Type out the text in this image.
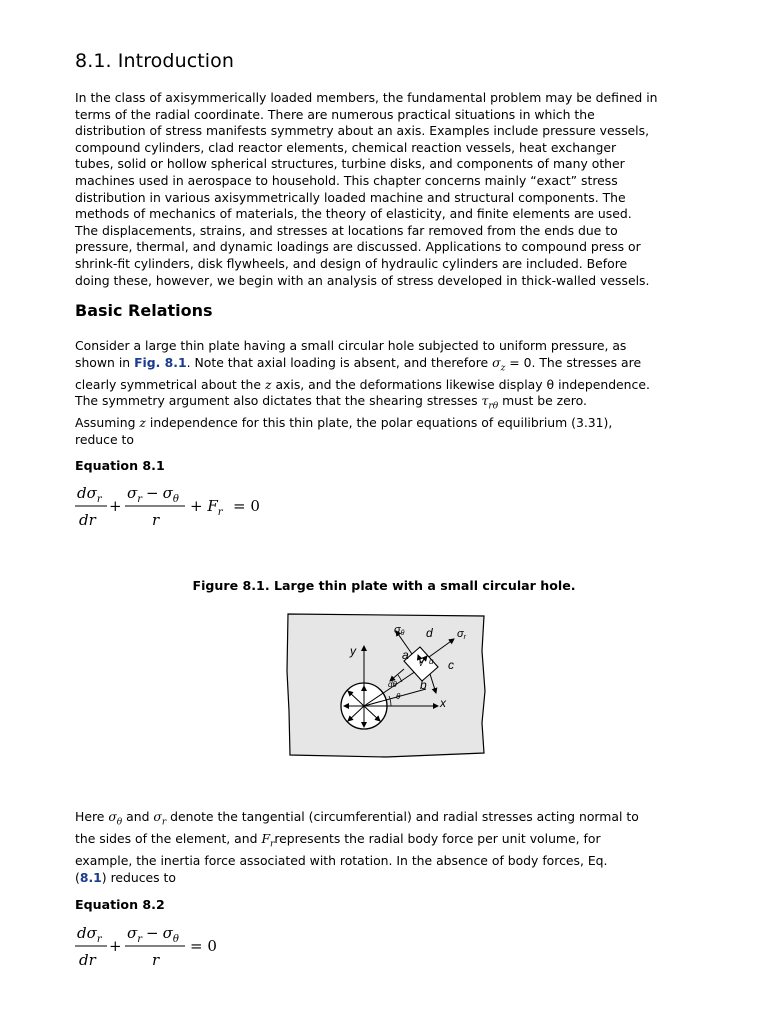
8.1. Introduction
In the class of axisymmerically loaded members, the fundamental problem may be defined in
terms of the radial coordinate. There are numerous practical situations in which the
distribution of stress manifests symmetry about an axis. Examples include pressure vessels,
compound cylinders, clad reactor elements, chemical reaction vessels, heat exchanger
tubes, solid or hollow spherical structures, turbine disks, and components of many other
machines used in aerospace to household. This chapter concerns mainly “exact” stress
distribution in various axisymmetrically loaded machine and structural components. The
methods of mechanics of materials, the theory of elasticity, and finite elements are used.
The displacements, strains, and stresses at locations far removed from the ends due to
pressure, thermal, and dynamic loadings are discussed. Applications to compound press or
shrink-fit cylinders, disk flywheels, and design of hydraulic cylinders are included. Before
doing these, however, we begin with an analysis of stress developed in thick-walled vessels.
Basic Relations
Consider a large thin plate having a small circular hole subjected to uniform pressure, as
shown in Fig. 8.1. Note that axial loading is absent, and therefore $\sigma_z = 0$. The stresses are
clearly symmetrical about the z axis, and the deformations likewise display θ independence.
The symmetry argument also dictates that the shearing stresses $\tau_{r\theta}$ must be zero.
Assuming z independence for this thin plate, the polar equations of equilibrium (3.31),
reduce to
Equation 8.1
$d\sigma_r$
dr
+
$\sigma_r - \sigma_\theta$
r
+ $F_r = 0$
Figure 8.1. Large thin plate with a small circular hole.
σθ d σr
y	a
c
b
x
v u
dθ
θ
Here $\sigma_\theta$ and $\sigma_r$ denote the tangential (circumferential) and radial stresses acting normal to
the sides of the element, and $F_rrepresents$ the radial body force per unit volume, for
example, the inertia force associated with rotation. In the absence of body forces, Eq.
(8.1) reduces to
Equation 8.2
$d\sigma_r$
dr
+
$\sigma_r - \sigma_\theta$
r
= 0
